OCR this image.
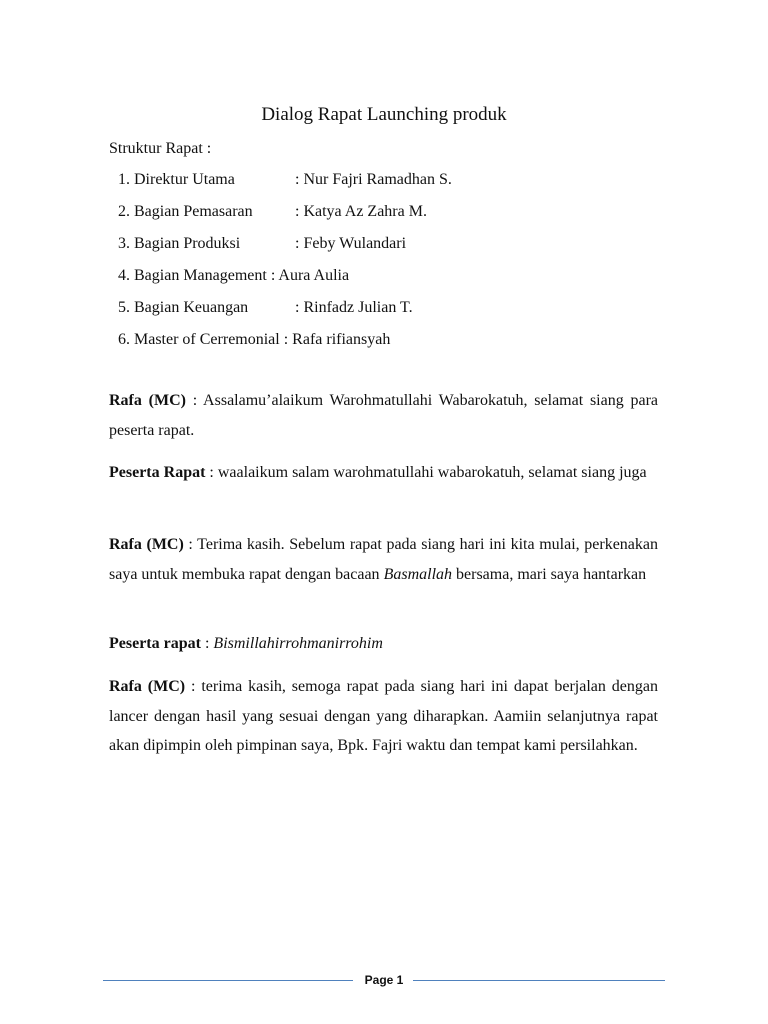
Dialog Rapat Launching produk
Struktur Rapat :
1. Direktur Utama	: Nur Fajri Ramadhan S.
2. Bagian Pemasaran	: Katya Az Zahra M.
3. Bagian Produksi	: Feby Wulandari
4. Bagian Management : Aura Aulia
5. Bagian Keuangan	: Rinfadz Julian T.
6. Master of Cerremonial : Rafa rifiansyah

Rafa (MC) : Assalamu’alaikum Warohmatullahi Wabarokatuh, selamat siang para peserta rapat.

Peserta Rapat : waalaikum salam warohmatullahi wabarokatuh, selamat siang juga

Rafa (MC) : Terima kasih. Sebelum rapat pada siang hari ini kita mulai, perkenakan saya untuk membuka rapat dengan bacaan Basmallah bersama, mari saya hantarkan

Peserta rapat : Bismillahirrohmanirrohim

Rafa (MC) : terima kasih, semoga rapat pada siang hari ini dapat berjalan dengan lancer dengan hasil yang sesuai dengan yang diharapkan. Aamiin selanjutnya rapat akan dipimpin oleh pimpinan saya, Bpk. Fajri waktu dan tempat kami persilahkan.

Page 1
